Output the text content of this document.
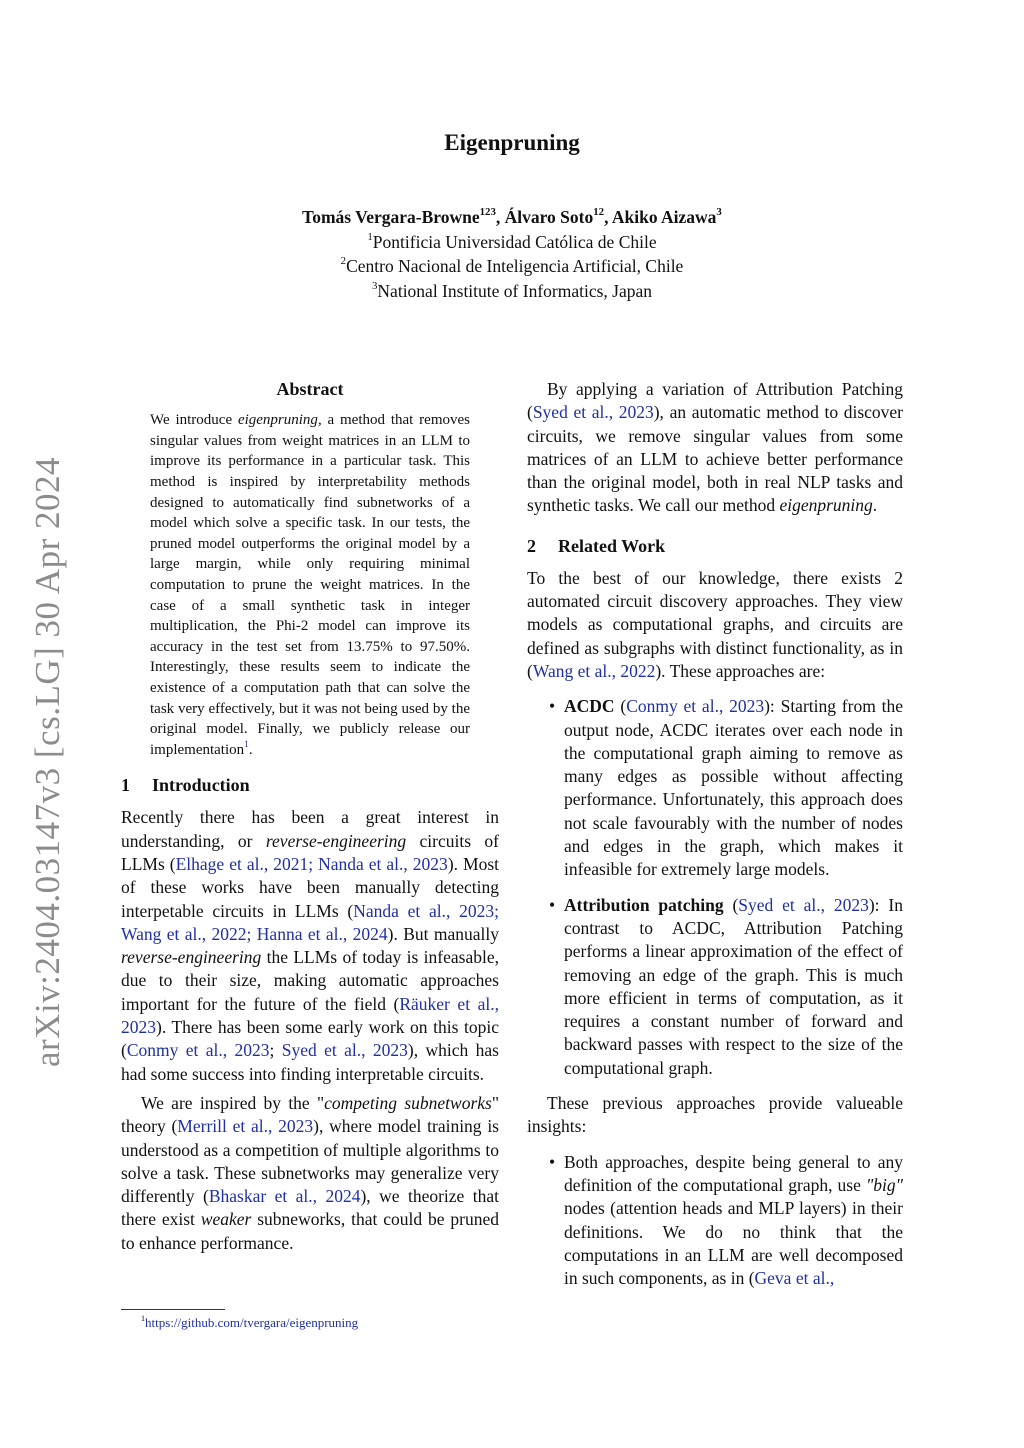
arXiv:2404.03147v3 [cs.LG] 30 Apr 2024
Eigenpruning
Tomás Vergara-Browne$^{123}$, Álvaro Soto$^{12}$, Akiko Aizawa$^3$
$^1$Pontificia Universidad Católica de Chile
$^2$Centro Nacional de Inteligencia Artificial, Chile
$^3$National Institute of Informatics, Japan
Abstract

We introduce eigenpruning, a method that removes singular values from weight matrices in an LLM to improve its performance in a particular task. This method is inspired by interpretability methods designed to automatically find subnetworks of a model which solve a specific task. In our tests, the pruned model outperforms the original model by a large margin, while only requiring minimal computation to prune the weight matrices. In the case of a small synthetic task in integer multiplication, the Phi-2 model can improve its accuracy in the test set from 13.75% to 97.50%. Interestingly, these results seem to indicate the existence of a computation path that can solve the task very effectively, but it was not being used by the original model. Finally, we publicly release our implementation$^1$.

1 Introduction

Recently there has been a great interest in understanding, or reverse-engineering circuits of LLMs (Elhage et al., 2021; Nanda et al., 2023). Most of these works have been manually detecting interpetable circuits in LLMs (Nanda et al., 2023; Wang et al., 2022; Hanna et al., 2024). But manually reverse-engineering the LLMs of today is infeasable, due to their size, making automatic approaches important for the future of the field (Räuker et al., 2023). There has been some early work on this topic (Conmy et al., 2023; Syed et al., 2023), which has had some success into finding interpretable circuits.

We are inspired by the "competing subnetworks" theory (Merrill et al., 2023), where model training is understood as a competition of multiple algorithms to solve a task. These subnetworks may generalize very differently (Bhaskar et al., 2024), we theorize that there exist weaker subneworks, that could be pruned to enhance performance.

$^1$https://github.com/tvergara/eigenpruning

By applying a variation of Attribution Patching (Syed et al., 2023), an automatic method to discover circuits, we remove singular values from some matrices of an LLM to achieve better performance than the original model, both in real NLP tasks and synthetic tasks. We call our method eigenpruning.

2 Related Work

To the best of our knowledge, there exists 2 automated circuit discovery approaches. They view models as computational graphs, and circuits are defined as subgraphs with distinct functionality, as in (Wang et al., 2022). These approaches are:

• ACDC (Conmy et al., 2023): Starting from the output node, ACDC iterates over each node in the computational graph aiming to remove as many edges as possible without affecting performance. Unfortunately, this approach does not scale favourably with the number of nodes and edges in the graph, which makes it infeasible for extremely large models.
• Attribution patching (Syed et al., 2023): In contrast to ACDC, Attribution Patching performs a linear approximation of the effect of removing an edge of the graph. This is much more efficient in terms of computation, as it requires a constant number of forward and backward passes with respect to the size of the computational graph.

These previous approaches provide valueable insights:

• Both approaches, despite being general to any definition of the computational graph, use "big" nodes (attention heads and MLP layers) in their definitions. We do no think that the computations in an LLM are well decomposed in such components, as in (Geva et al.,
